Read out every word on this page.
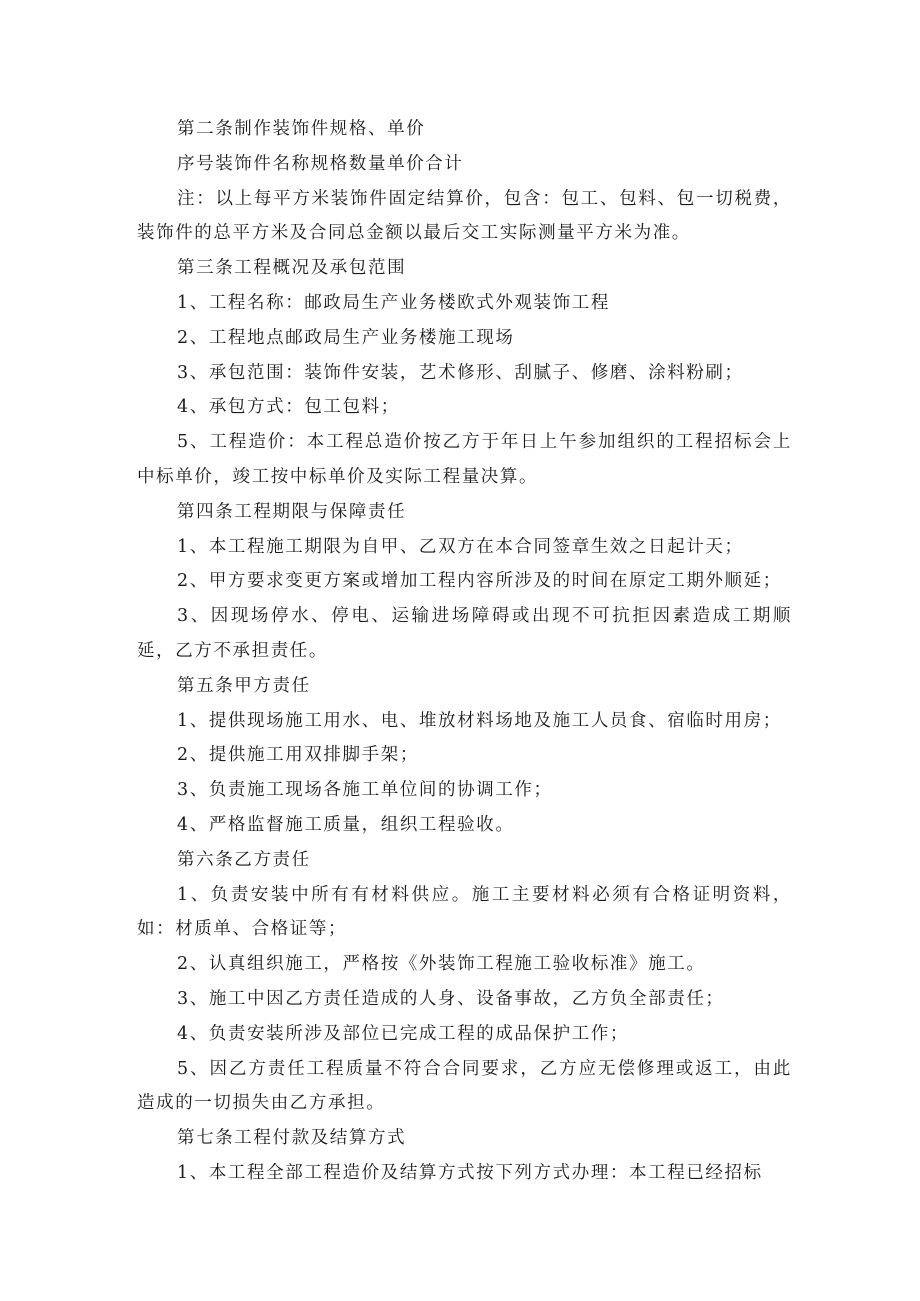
第二条制作装饰件规格、单价

序号装饰件名称规格数量单价合计

注：以上每平方米装饰件固定结算价，包含：包工、包料、包一切税费，装饰件的总平方米及合同总金额以最后交工实际测量平方米为准。

第三条工程概况及承包范围

1、工程名称：邮政局生产业务楼欧式外观装饰工程

2、工程地点邮政局生产业务楼施工现场

3、承包范围：装饰件安装，艺术修形、刮腻子、修磨、涂料粉刷；

4、承包方式：包工包料；

5、工程造价：本工程总造价按乙方于年日上午参加组织的工程招标会上中标单价，竣工按中标单价及实际工程量决算。

第四条工程期限与保障责任

1、本工程施工期限为自甲、乙双方在本合同签章生效之日起计天；

2、甲方要求变更方案或增加工程内容所涉及的时间在原定工期外顺延；

3、因现场停水、停电、运输进场障碍或出现不可抗拒因素造成工期顺延，乙方不承担责任。

第五条甲方责任

1、提供现场施工用水、电、堆放材料场地及施工人员食、宿临时用房；

2、提供施工用双排脚手架；

3、负责施工现场各施工单位间的协调工作；

4、严格监督施工质量，组织工程验收。

第六条乙方责任

1、负责安装中所有有材料供应。施工主要材料必须有合格证明资料，如：材质单、合格证等；

2、认真组织施工，严格按《外装饰工程施工验收标准》施工。

3、施工中因乙方责任造成的人身、设备事故，乙方负全部责任；

4、负责安装所涉及部位已完成工程的成品保护工作；

5、因乙方责任工程质量不符合合同要求，乙方应无偿修理或返工，由此造成的一切损失由乙方承担。

第七条工程付款及结算方式

1、本工程全部工程造价及结算方式按下列方式办理：本工程已经招标
